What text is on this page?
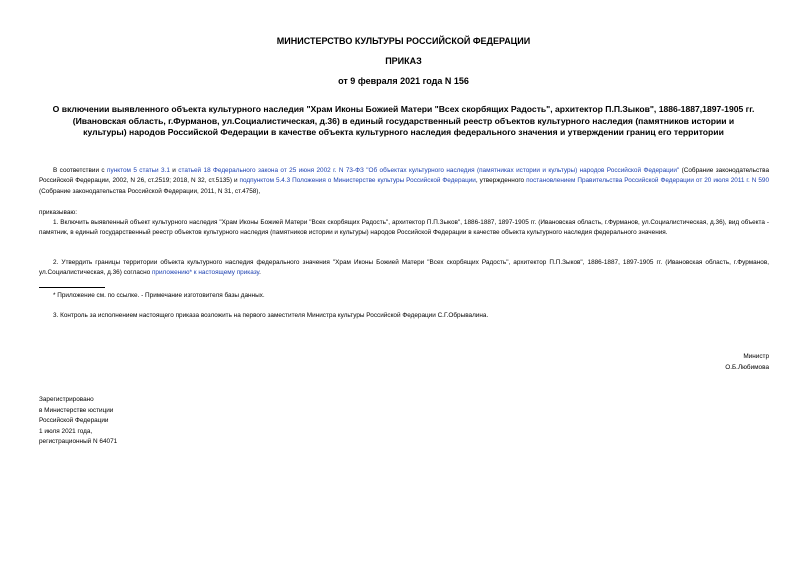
МИНИСТЕРСТВО КУЛЬТУРЫ РОССИЙСКОЙ ФЕДЕРАЦИИ
ПРИКАЗ
от 9 февраля 2021 года N 156
О включении выявленного объекта культурного наследия "Храм Иконы Божией Матери "Всех скорбящих Радость", архитектор П.П.Зыков", 1886-1887,1897-1905 гг. (Ивановская область, г.Фурманов, ул.Социалистическая, д.36) в единый государственный реестр объектов культурного наследия (памятников истории и культуры) народов Российской Федерации в качестве объекта культурного наследия федерального значения и утверждении границ его территории
В соответствии с пунктом 5 статьи 3.1 и статьей 18 Федерального закона от 25 июня 2002 г. N 73-ФЗ "Об объектах культурного наследия (памятниках истории и культуры) народов Российской Федерации" (Собрание законодательства Российской Федерации, 2002, N 26, ст.2519; 2018, N 32, ст.5135) и подпунктом 5.4.3 Положения о Министерстве культуры Российской Федерации, утвержденного постановлением Правительства Российской Федерации от 20 июля 2011 г. N 590 (Собрание законодательства Российской Федерации, 2011, N 31, ст.4758),
приказываю:
1. Включить выявленный объект культурного наследия "Храм Иконы Божией Матери "Всех скорбящих Радость", архитектор П.П.Зыков", 1886-1887, 1897-1905 гг. (Ивановская область, г.Фурманов, ул.Социалистическая, д.36), вид объекта - памятник, в единый государственный реестр объектов культурного наследия (памятников истории и культуры) народов Российской Федерации в качестве объекта культурного наследия федерального значения.
2. Утвердить границы территории объекта культурного наследия федерального значения "Храм Иконы Божией Матери "Всех скорбящих Радость", архитектор П.П.Зыков", 1886-1887, 1897-1905 гг. (Ивановская область, г.Фурманов, ул.Социалистическая, д.36) согласно приложению* к настоящему приказу.
* Приложение см. по ссылке. - Примечание изготовителя базы данных.
3. Контроль за исполнением настоящего приказа возложить на первого заместителя Министра культуры Российской Федерации С.Г.Обрывалина.
Министр
О.Б.Любимова
Зарегистрировано
в Министерстве юстиции
Российской Федерации
1 июля 2021 года,
регистрационный N 64071
